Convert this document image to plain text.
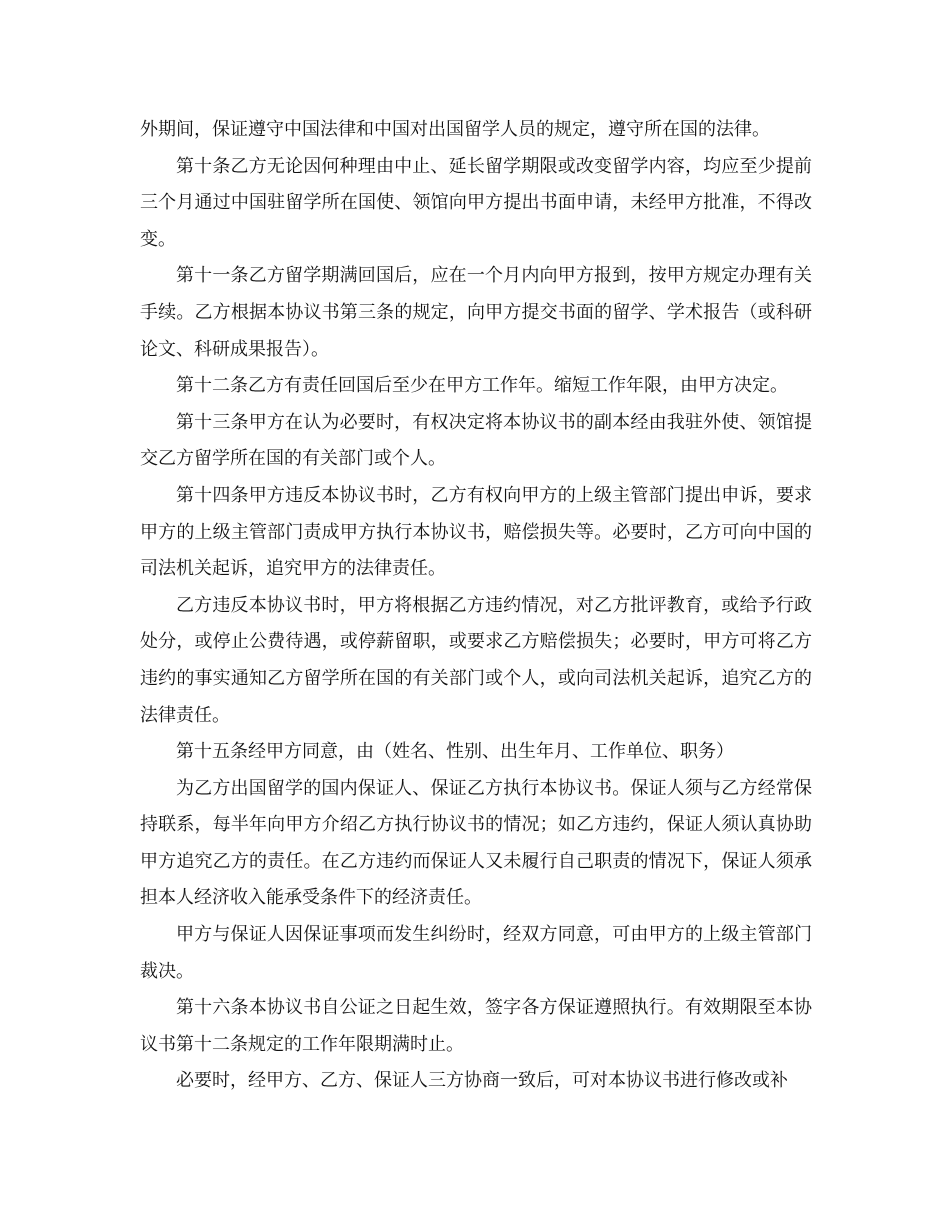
外期间，保证遵守中国法律和中国对出国留学人员的规定，遵守所在国的法律。

第十条乙方无论因何种理由中止、延长留学期限或改变留学内容，均应至少提前三个月通过中国驻留学所在国使、领馆向甲方提出书面申请，未经甲方批准，不得改变。

第十一条乙方留学期满回国后，应在一个月内向甲方报到，按甲方规定办理有关手续。乙方根据本协议书第三条的规定，向甲方提交书面的留学、学术报告（或科研论文、科研成果报告）。

第十二条乙方有责任回国后至少在甲方工作年。缩短工作年限，由甲方决定。

第十三条甲方在认为必要时，有权决定将本协议书的副本经由我驻外使、领馆提交乙方留学所在国的有关部门或个人。

第十四条甲方违反本协议书时，乙方有权向甲方的上级主管部门提出申诉，要求甲方的上级主管部门责成甲方执行本协议书，赔偿损失等。必要时，乙方可向中国的司法机关起诉，追究甲方的法律责任。

乙方违反本协议书时，甲方将根据乙方违约情况，对乙方批评教育，或给予行政处分，或停止公费待遇，或停薪留职，或要求乙方赔偿损失；必要时，甲方可将乙方违约的事实通知乙方留学所在国的有关部门或个人，或向司法机关起诉，追究乙方的法律责任。

第十五条经甲方同意，由（姓名、性别、出生年月、工作单位、职务）

为乙方出国留学的国内保证人、保证乙方执行本协议书。保证人须与乙方经常保持联系，每半年向甲方介绍乙方执行协议书的情况；如乙方违约，保证人须认真协助甲方追究乙方的责任。在乙方违约而保证人又未履行自己职责的情况下，保证人须承担本人经济收入能承受条件下的经济责任。

甲方与保证人因保证事项而发生纠纷时，经双方同意，可由甲方的上级主管部门裁决。

第十六条本协议书自公证之日起生效，签字各方保证遵照执行。有效期限至本协议书第十二条规定的工作年限期满时止。

必要时，经甲方、乙方、保证人三方协商一致后，可对本协议书进行修改或补
